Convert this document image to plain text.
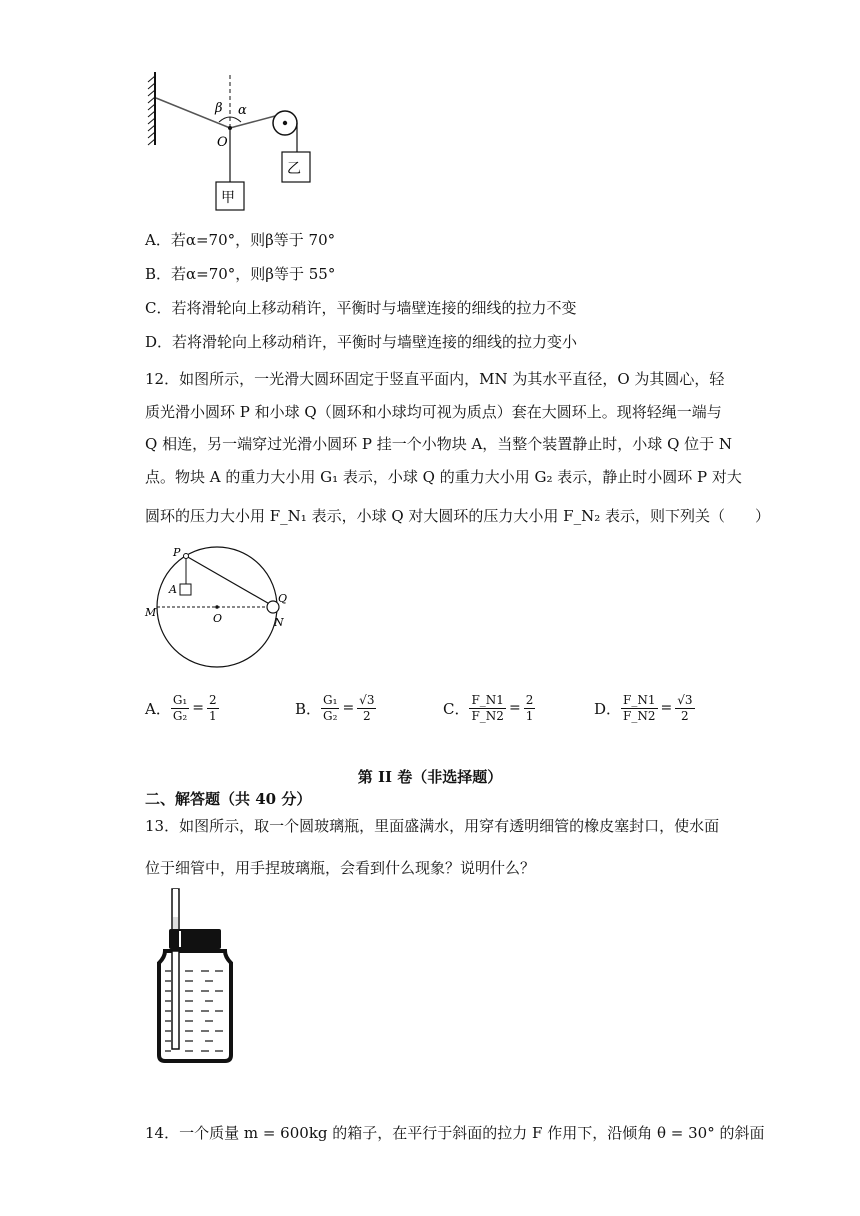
β α
O
甲
乙
A．若α=70°，则β等于 70°
B．若α=70°，则β等于 55°
C．若将滑轮向上移动稍许，平衡时与墙壁连接的细线的拉力不变
D．若将滑轮向上移动稍许，平衡时与墙壁连接的细线的拉力变小
12．如图所示，一光滑大圆环固定于竖直平面内，MN 为其水平直径，O 为其圆心，轻
质光滑小圆环 P 和小球 Q（圆环和小球均可视为质点）套在大圆环上。现将轻绳一端与
Q 相连，另一端穿过光滑小圆环 P 挂一个小物块 A，当整个装置静止时，小球 Q 位于 N
点。物块 A 的重力大小用 G₁ 表示，小球 Q 的重力大小用 G₂ 表示，静止时小圆环 P 对大
圆环的压力大小用 F_N₁ 表示，小球 Q 对大圆环的压力大小用 F_N₂ 表示，则下列关（　　）
P
A
M	O	N
Q
A． $\frac{\text{G₁}}{\text{G₂}} = \frac{2}{1}$	B． $\frac{\text{G₁}}{\text{G₂}} = \frac{√3}{2}$	C． $\frac{F\_N1}{F\_N2} = \frac{2}{1}$	D． $\frac{F\_N1}{F\_N2} = \frac{√3}{2}$
第 II 卷（非选择题）
二、解答题（共 40 分）
13．如图所示，取一个圆玻璃瓶，里面盛满水，用穿有透明细管的橡皮塞封口，使水面
位于细管中，用手捏玻璃瓶，会看到什么现象？说明什么？
14．一个质量 m = 600kg 的箱子，在平行于斜面的拉力 F 作用下，沿倾角 θ = 30° 的斜面
